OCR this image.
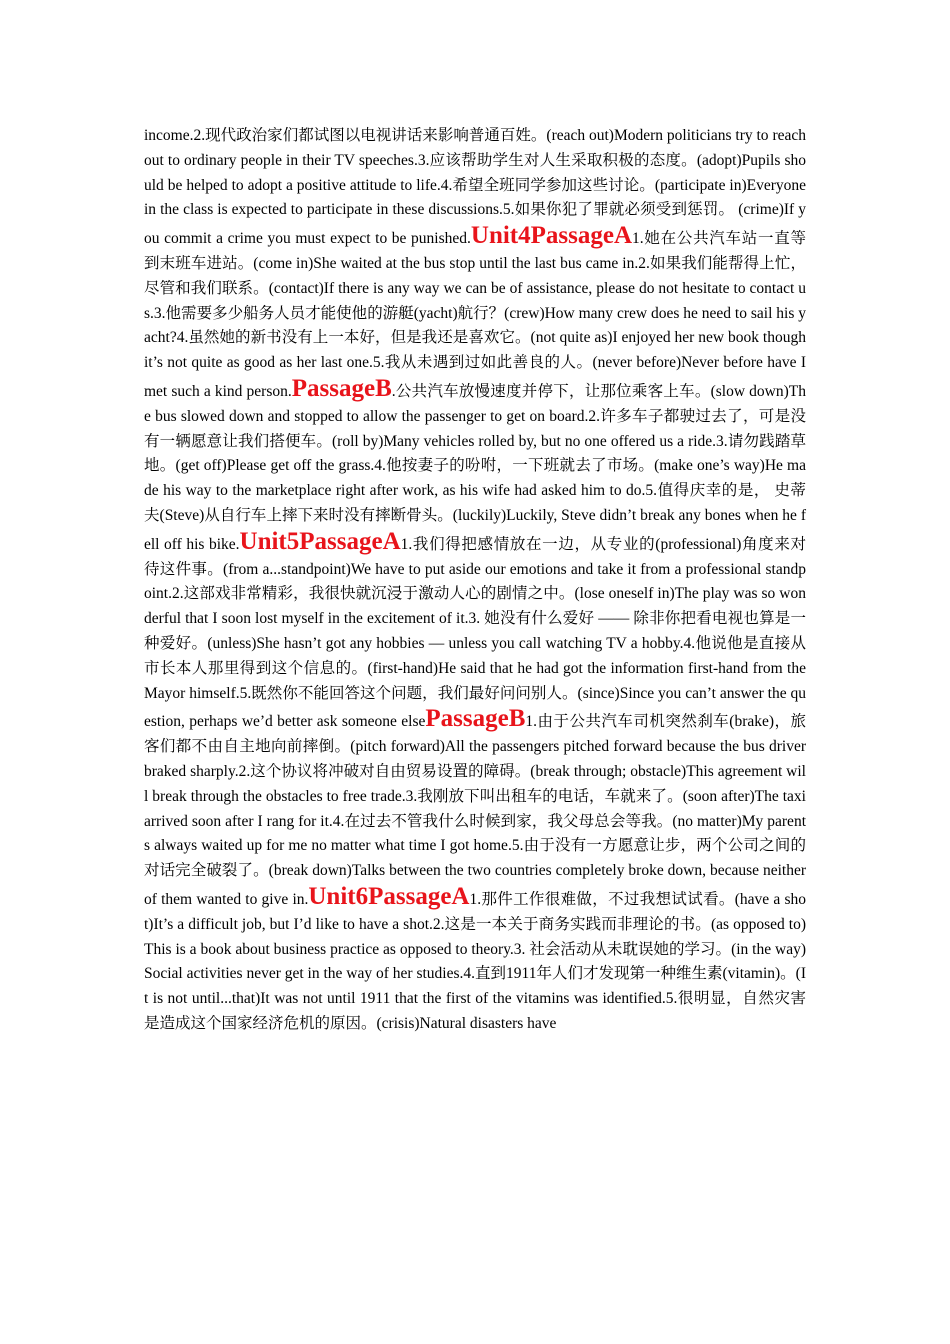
income.2.现代政治家们都试图以电视讲话来影响普通百姓。(reach out)Modern politicians try to reach out to ordinary people in their TV speeches.3.应该帮助学生对人生采取积极的态度。(adopt)Pupils should be helped to adopt a positive attitude to life.4.希望全班同学参加这些讨论。(participate in)Everyone in the class is expected to participate in these discussions.5.如果你犯了罪就必须受到惩罚。 (crime)If you commit a crime you must expect to be punished.Unit4PassageA1.她在公共汽车站一直等到末班车进站。(come in)She waited at the bus stop until the last bus came in.2.如果我们能帮得上忙，尽管和我们联系。(contact)If there is any way we can be of assistance, please do not hesitate to contact us.3.他需要多少船务人员才能使他的游艇(yacht)航行？(crew)How many crew does he need to sail his yacht?4.虽然她的新书没有上一本好，但是我还是喜欢它。(not quite as)I enjoyed her new book though it’s not quite as good as her last one.5.我从未遇到过如此善良的人。(never before)Never before have I met such a kind person.PassageB.公共汽车放慢速度并停下，让那位乘客上车。(slow down)The bus slowed down and stopped to allow the passenger to get on board.2.许多车子都驶过去了，可是没有一辆愿意让我们搭便车。(roll by)Many vehicles rolled by, but no one offered us a ride.3.请勿践踏草地。(get off)Please get off the grass.4.他按妻子的吩咐，一下班就去了市场。(make one’s way)He made his way to the marketplace right after work, as his wife had asked him to do.5.值得庆幸的是， 史蒂夫(Steve)从自行车上摔下来时没有摔断骨头。(luckily)Luckily, Steve didn’t break any bones when he fell off his bike.Unit5PassageA1.我们得把感情放在一边，从专业的(professional)角度来对待这件事。(from a...standpoint)We have to put aside our emotions and take it from a professional standpoint.2.这部戏非常精彩，我很快就沉浸于激动人心的剧情之中。(lose oneself in)The play was so wonderful that I soon lost myself in the excitement of it.3. 她没有什么爱好 —— 除非你把看电视也算是一种爱好。(unless)She hasn’t got any hobbies — unless you call watching TV a hobby.4.他说他是直接从市长本人那里得到这个信息的。(first-hand)He said that he had got the information first-hand from the Mayor himself.5.既然你不能回答这个问题，我们最好问问别人。(since)Since you can’t answer the question, perhaps we’d better ask someone elsePassageB1.由于公共汽车司机突然刹车(brake)，旅客们都不由自主地向前摔倒。(pitch forward)All the passengers pitched forward because the bus driver braked sharply.2.这个协议将冲破对自由贸易设置的障碍。(break through; obstacle)This agreement will break through the obstacles to free trade.3.我刚放下叫出租车的电话，车就来了。(soon after)The taxi arrived soon after I rang for it.4.在过去不管我什么时候到家，我父母总会等我。(no matter)My parents always waited up for me no matter what time I got home.5.由于没有一方愿意让步，两个公司之间的对话完全破裂了。(break down)Talks between the two countries completely broke down, because neither of them wanted to give in.Unit6PassageA1.那件工作很难做，不过我想试试看。(have a shot)It’s a difficult job, but I’d like to have a shot.2.这是一本关于商务实践而非理论的书。(as opposed to)This is a book about business practice as opposed to theory.3. 社会活动从未耽误她的学习。(in the way)Social activities never get in the way of her studies.4.直到1911年人们才发现第一种维生素(vitamin)。(It is not until...that)It was not until 1911 that the first of the vitamins was identified.5.很明显，自然灾害是造成这个国家经济危机的原因。(crisis)Natural disasters have
